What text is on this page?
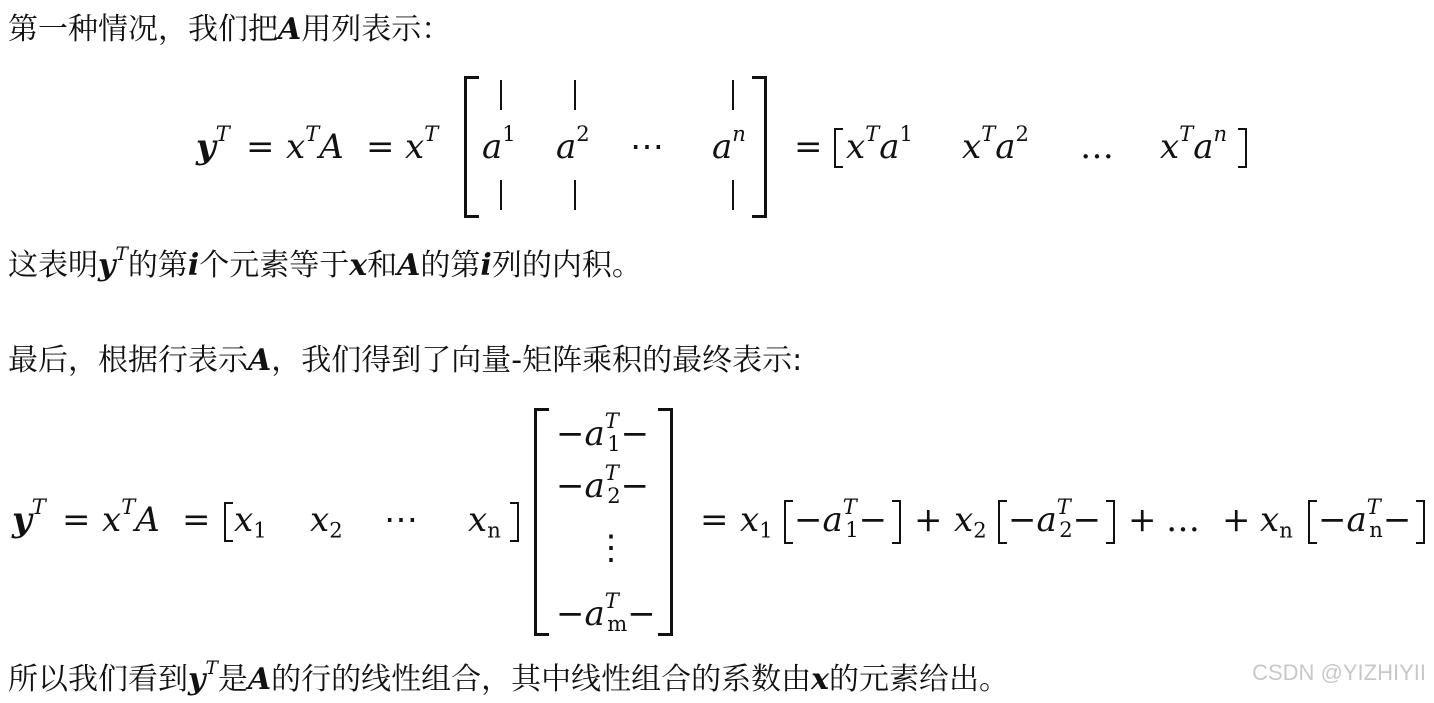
第一种情况，我们把A用列表示：
$y^T = x^TA = x^T$ $a^1$ $a^2$ ⋯ $a^n = x^Ta^1$ $x^Ta^2$ … $x^Ta^n$
这表明$y^T$的第i个元素等于x和A的第i列的内积。
最后，根据行表示A，我们得到了向量-矩阵乘积的最终表示:
$y^T = x^TA = x_1$ $x_2$ ⋯ $x_n$
$-a^T_1-$
$-a^T_2-$
⋮
$-a^T_m-$
= $x_1 -a^T_1- + x_2 -a^T_2-$ + … + $x_n -a^T_n-$
所以我们看到$y^T$是A的行的线性组合，其中线性组合的系数由x的元素给出。	CSDN @YIZHIYII
